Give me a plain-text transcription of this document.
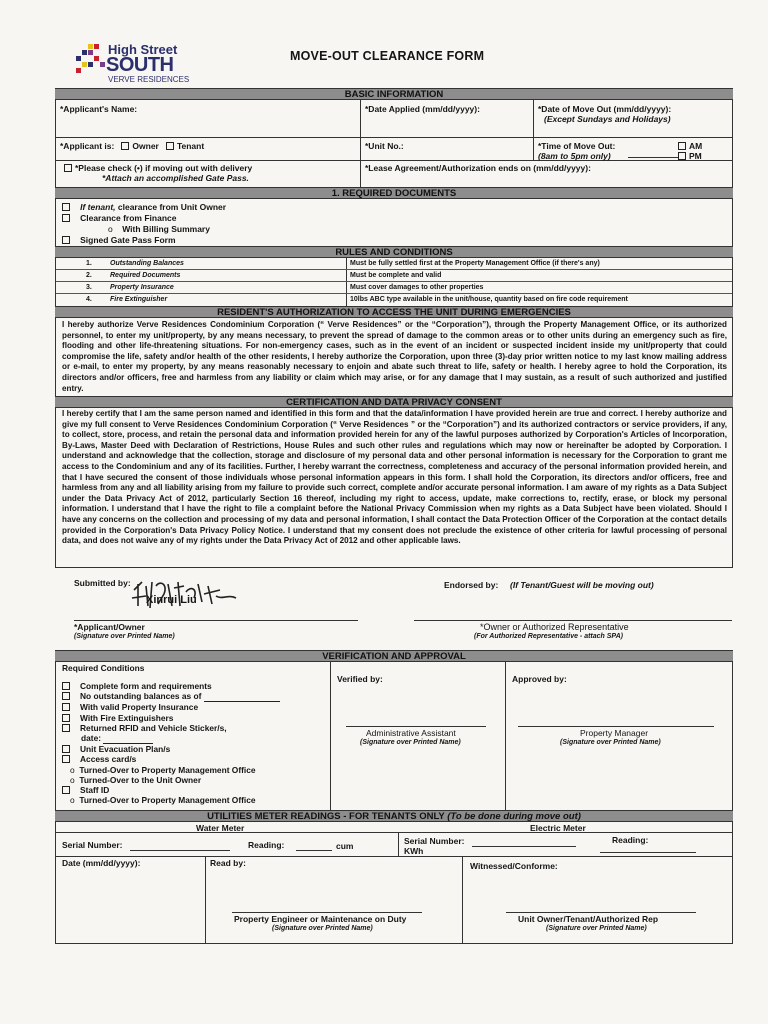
High Street
SOUTH
VERVE RESIDENCES
MOVE-OUT CLEARANCE FORM
BASIC INFORMATION
*Applicant's Name:	*Date Applied (mm/dd/yyyy):	*Date of Move Out (mm/dd/yyyy):
(Except Sundays and Holidays)
*Applicant is: Owner Tenant	*Unit No.:	*Time of Move Out:
(8am to 5pm only)
AM
PM
*Please check (•) if moving out with delivery
*Attach an accomplished Gate Pass.
*Lease Agreement/Authorization ends on (mm/dd/yyyy):
1. REQUIRED DOCUMENTS
If tenant, clearance from Unit Owner
Clearance from Finance
o With Billing Summary
Signed Gate Pass Form
RULES AND CONDITIONS
1.	Outstanding Balances	Must be fully settled first at the Property Management Office (if there's any)
2.	Required Documents	Must be complete and valid
3.	Property Insurance	Must cover damages to other properties
4.	Fire Extinguisher	10lbs ABC type available in the unit/house, quantity based on fire code requirement
RESIDENT'S AUTHORIZATION TO ACCESS THE UNIT DURING EMERGENCIES
I hereby authorize Verve Residences Condominium Corporation (“ Verve Residences” or the “Corporation”), through the Property Management Office, or its authorized personnel, to enter my unit/property, by any means necessary, to prevent the spread of damage to the common areas or to other units during an emergency such as fire, flooding and other life-threatening situations. For non-emergency cases, such as in the event of an incident or suspected incident inside my unit/property that could compromise the life, safety and/or health of the other residents, I hereby authorize the Corporation, upon three (3)-day prior written notice to my last know mailing address or e-mail, to enter my property, by any means reasonably necessary to enjoin and abate such threat to life, safety or health. I hereby agree to hold the Corporation, its directors and/or officers, free and harmless from any liability or claim which may arise, or for any damage that I may sustain, as a result of such authorized and justified entry.
CERTIFICATION AND DATA PRIVACY CONSENT
I hereby certify that I am the same person named and identified in this form and that the data/information I have provided herein are true and correct. I hereby authorize and give my full consent to Verve Residences Condominium Corporation (“ Verve Residences ” or the “Corporation”) and its authorized contractors or service providers, if any, to collect, store, process, and retain the personal data and information provided herein for any of the lawful purposes authorized by Corporation's Articles of Incorporation, By-Laws, Master Deed with Declaration of Restrictions, House Rules and such other rules and regulations which may now or hereinafter be adopted by Corporation. I understand and acknowledge that the collection, storage and disclosure of my personal data and other personal information is necessary for the Corporation to grant me access to the Condominium and any of its facilities. Further, I hereby warrant the correctness, completeness and accuracy of the personal information provided herein, and that I have secured the consent of those individuals whose personal information appears in this form. I shall hold the Corporation, its directors and/or officers, free and harmless from any and all liability arising from my failure to provide such correct, complete and/or accurate personal information. I am aware of my rights as a Data Subject under the Data Privacy Act of 2012, particularly Section 16 thereof, including my right to access, update, make corrections to, rectify, erase, or block my personal information. I understand that I have the right to file a complaint before the National Privacy Commission when my rights as a Data Subject have been violated. Should I have any concerns on the collection and processing of my data and personal information, I shall contact the Data Protection Officer of the Corporation at the contact details provided in the Corporation's Data Privacy Policy Notice. I understand that my consent does not preclude the existence of other criteria for lawful processing of personal data, and does not waive any of my rights under the Data Privacy Act of 2012 and other applicable laws.
Submitted by:
Xinrui Liu
*Applicant/Owner
(Signature over Printed Name)
Endorsed by: (If Tenant/Guest will be moving out)
*Owner or Authorized Representative
(For Authorized Representative - attach SPA)
VERIFICATION AND APPROVAL
Required Conditions
Complete form and requirements
No outstanding balances as of
With valid Property Insurance
With Fire Extinguishers
Returned RFID and Vehicle Sticker/s,
date:
Unit Evacuation Plan/s
Access card/s
o Turned-Over to Property Management Office
o Turned-Over to the Unit Owner
Staff ID
o Turned-Over to Property Management Office
Verified by:
Administrative Assistant
(Signature over Printed Name)
Approved by:
Property Manager
(Signature over Printed Name)
UTILITIES METER READINGS - FOR TENANTS ONLY (To be done during move out)
Water Meter	Electric Meter
Serial Number:	Reading:	cum	Serial Number:
KWh
Reading:
Date (mm/dd/yyyy):	Read by:	Witnessed/Conforme:
Property Engineer or Maintenance on Duty
(Signature over Printed Name)
Unit Owner/Tenant/Authorized Rep
(Signature over Printed Name)
